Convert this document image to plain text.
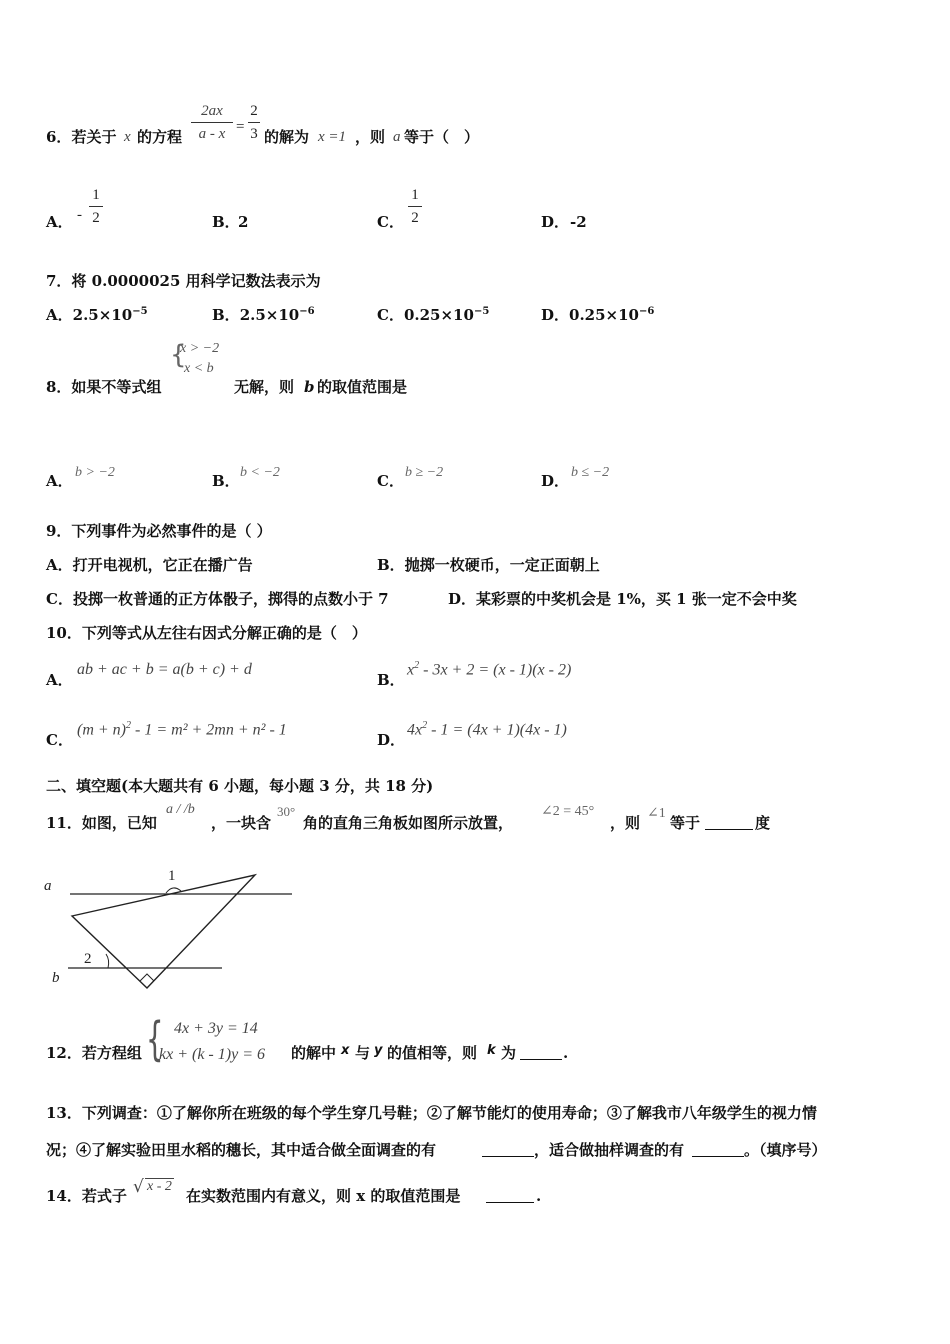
6．若关于 x 的方程 $\frac{2ax}{a - x} = \frac{2}{3}$ 的解为 x =1 ，则 a 等于（　）
A． - $\frac{1}{2}$	B．
2	C． $\frac{1}{2}$	D． -2
7．将 0.0000025 用科学记数法表示为
A．$2.5\times 10^{-5}$	B．$2.5\times 10^{-6}$	C．$0.25\times 10^{-5}$	D．$0.25\times 10^{-6}$
8．如果不等式组
{
x > −2
x < b
无解，则 b 的取值范围是
A． b > −2	B． b < −2	C． b ≥ −2	D． b ≤ −2
9．下列事件为必然事件的是（ ）
A．打开电视机，它正在播广告	B．抛掷一枚硬币，一定正面朝上
C．投掷一枚普通的正方体骰子，掷得的点数小于 7	D．某彩票的中奖机会是 1%，买 1 张一定不会中奖
10．下列等式从左往右因式分解正确的是（　）
A．
ab + ac + b = a(b + c) + d
B．
$x^2 - 3x + 2 = (x - 1)(x - 2)$
C．
$(m + n)^2 - 1 = m^2 + 2mn + n^2 - 1$
D．
$4x^2 - 1 = (4x + 1)(4x - 1)$
二、填空题(本大题共有 6 小题，每小题 3 分，共 18 分)
11．如图，已知
a / /b
，一块含
30°
角的直角三角板如图所示放置，
∠2 = 45°
，则
∠1
等于	度
a
b
1
2
12．若方程组 { 4x + 3y = 14
kx + (k - 1)y = 6 的解中 x 与 y 的值相等，则 k 为	.
13．下列调查：①了解你所在班级的每个学生穿几号鞋；②了解节能灯的使用寿命；③了解我市八年级学生的视力情
况；④了解实验田里水稻的穗长，其中适合做全面调查的有	，适合做抽样调查的有	。（填序号）
14．若式子 √ x - 2
在实数范围内有意义，则 x 的取值范围是	.
